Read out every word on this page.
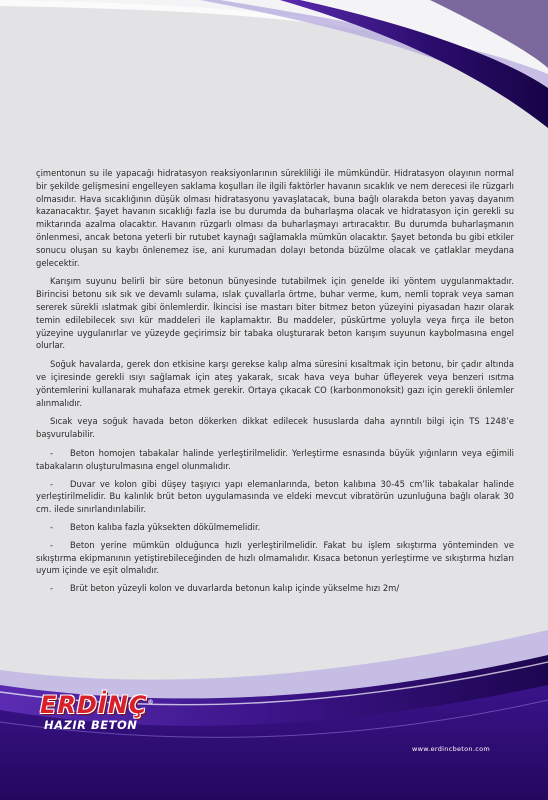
çimentonun su ile yapacağı hidratasyon reaksiyonlarının sürekliliği ile mümkündür. Hidratasyon olayının normal bir şekilde gelişmesini engelleyen saklama koşulları ile ilgili faktörler havanın sıcaklık ve nem derecesi ile rüzgarlı olmasıdır. Hava sıcaklığının düşük olması hidratasyonu yavaşlatacak, buna bağlı olarakda beton yavaş dayanım kazanacaktır. Şayet havanın sıcaklığı fazla ise bu durumda da buharlaşma olacak ve hidratasyon için gerekli su miktarında azalma olacaktır. Havanın rüzgarlı olması da buharlaşmayı artıracaktır. Bu durumda buharlaşmanın önlenmesi, ancak betona yeterli bir rutubet kaynağı sağlamakla mümkün olacaktır. Şayet betonda bu gibi etkiler sonucu oluşan su kaybı önlenemez ise, ani kurumadan dolayı betonda büzülme olacak ve çatlaklar meydana gelecektir.

Karışım suyunu belirli bir süre betonun bünyesinde tutabilmek için genelde iki yöntem uygulanmaktadır. Birincisi betonu sık sık ve devamlı sulama, ıslak çuvallarla örtme, buhar verme, kum, nemli toprak veya saman sererek sürekli ıslatmak gibi önlemlerdir. İkincisi ise mastarı biter bitmez beton yüzeyini piyasadan hazır olarak temin edilebilecek sıvı kür maddeleri ile kaplamaktır. Bu maddeler, püskürtme yoluyla veya fırça ile beton yüzeyine uygulanırlar ve yüzeyde geçirimsiz bir tabaka oluşturarak beton karışım suyunun kaybolmasına engel olurlar.

Soğuk havalarda, gerek don etkisine karşı gerekse kalıp alma süresini kısaltmak için betonu, bir çadır altında ve içiresinde gerekli ısıyı sağlamak için ateş yakarak, sıcak hava veya buhar üfleyerek veya benzeri ısıtma yöntemlerini kullanarak muhafaza etmek gerekir. Ortaya çıkacak CO (karbonmonoksit) gazı için gerekli önlemler alınmalıdır.

Sıcak veya soğuk havada beton dökerken dikkat edilecek hususlarda daha ayrıntılı bilgi için TS 1248’e başvurulabilir.

- Beton homojen tabakalar halinde yerleştirilmelidir. Yerleştirme esnasında büyük yığınların veya eğimili tabakaların oluşturulmasına engel olunmalıdır.
- Duvar ve kolon gibi düşey taşıyıcı yapı elemanlarında, beton kalıbına 30-45 cm’lik tabakalar halinde yerleştirilmelidir. Bu kalınlık brüt beton uygulamasında ve eldeki mevcut vibratörün uzunluğuna bağlı olarak 30 cm. ilede sınırlandırılabilir.
- Beton kalıba fazla yüksekten dökülmemelidir.
- Beton yerine mümkün olduğunca hızlı yerleştirilmelidir. Fakat bu işlem sıkıştırma yönteminden ve sıkıştırma ekipmanının yetiştirebileceğinden de hızlı olmamalıdır. Kısaca betonun yerleştirme ve sıkıştırma hızları uyum içinde ve eşit olmalıdır.
- Brüt beton yüzeyli kolon ve duvarlarda betonun kalıp içinde yükselme hızı 2m/
ERDİNÇ®
HAZIR BETON
www.erdincbeton.com
